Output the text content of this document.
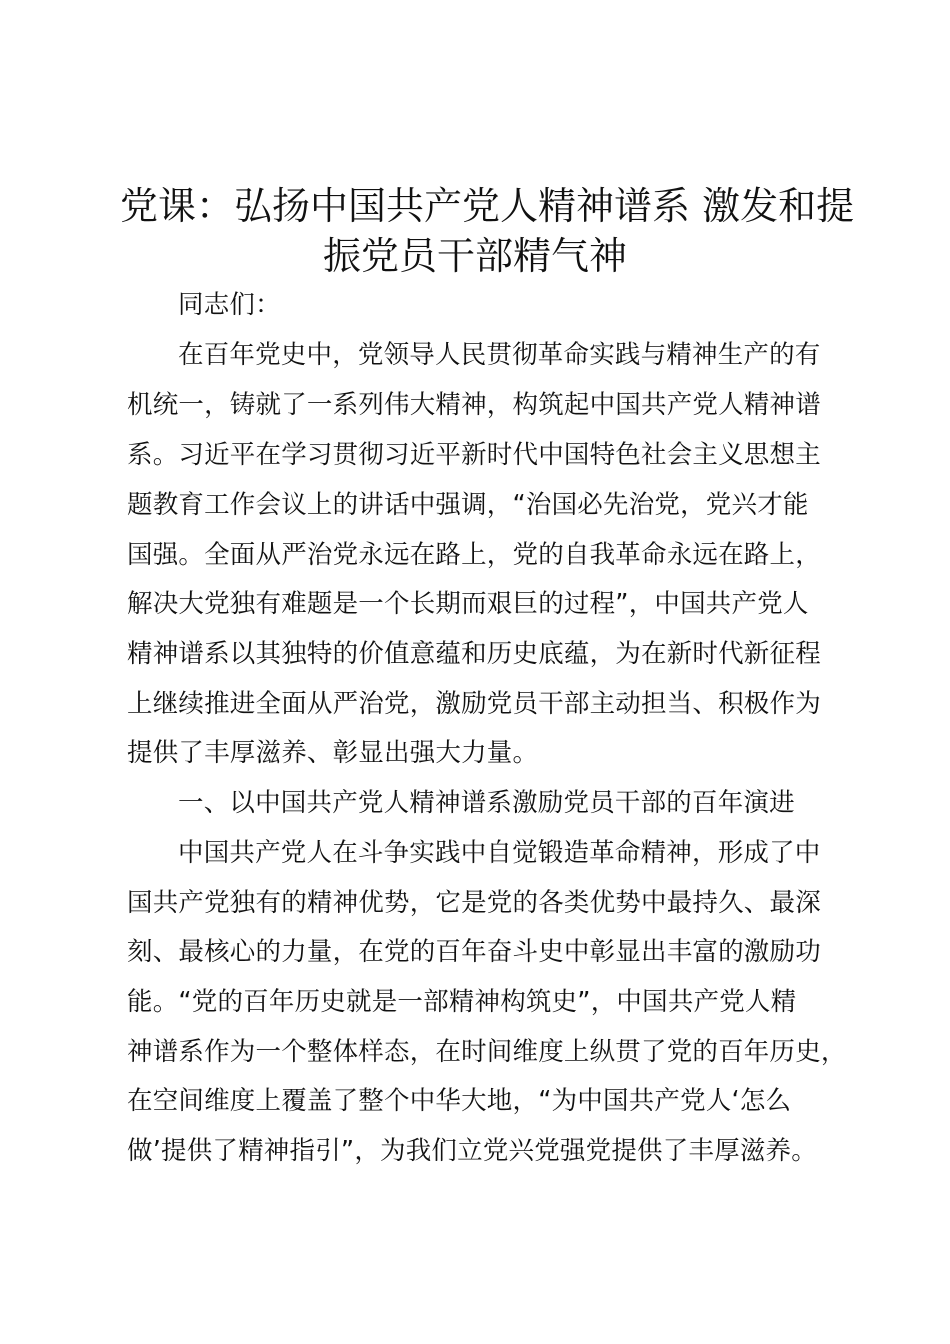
党课：弘扬中国共产党人精神谱系 激发和提
振党员干部精气神
同志们：
在百年党史中，党领导人民贯彻革命实践与精神生产的有
机统一，铸就了一系列伟大精神，构筑起中国共产党人精神谱
系。习近平在学习贯彻习近平新时代中国特色社会主义思想主
题教育工作会议上的讲话中强调，“治国必先治党，党兴才能
国强。全面从严治党永远在路上，党的自我革命永远在路上，
解决大党独有难题是一个长期而艰巨的过程”，中国共产党人
精神谱系以其独特的价值意蕴和历史底蕴，为在新时代新征程
上继续推进全面从严治党，激励党员干部主动担当、积极作为
提供了丰厚滋养、彰显出强大力量。
一、以中国共产党人精神谱系激励党员干部的百年演进
中国共产党人在斗争实践中自觉锻造革命精神，形成了中
国共产党独有的精神优势，它是党的各类优势中最持久、最深
刻、最核心的力量，在党的百年奋斗史中彰显出丰富的激励功
能。“党的百年历史就是一部精神构筑史”，中国共产党人精
神谱系作为一个整体样态，在时间维度上纵贯了党的百年历史，
在空间维度上覆盖了整个中华大地，“为中国共产党人‘怎么
做’提供了精神指引”，为我们立党兴党强党提供了丰厚滋养。
